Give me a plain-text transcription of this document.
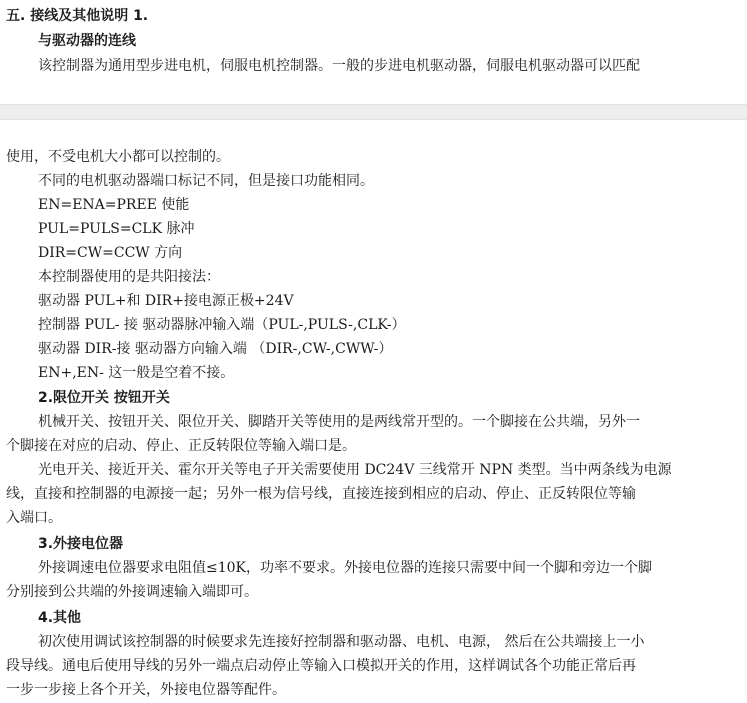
五. 接线及其他说明 1.
与驱动器的连线
该控制器为通用型步进电机，伺服电机控制器。一般的步进电机驱动器，伺服电机驱动器可以匹配
使用，不受电机大小都可以控制的。
不同的电机驱动器端口标记不同，但是接口功能相同。
EN=ENA=PREE 使能
PUL=PULS=CLK 脉冲
DIR=CW=CCW 方向
本控制器使用的是共阳接法：
驱动器 PUL+和 DIR+接电源正极+24V
控制器 PUL- 接 驱动器脉冲输入端（PUL-,PULS-,CLK-）
驱动器 DIR-接 驱动器方向输入端 （DIR-,CW-,CWW-）
EN+,EN- 这一般是空着不接。
2.限位开关 按钮开关
机械开关、按钮开关、限位开关、脚踏开关等使用的是两线常开型的。一个脚接在公共端，另外一
个脚接在对应的启动、停止、正反转限位等输入端口是。
光电开关、接近开关、霍尔开关等电子开关需要使用 DC24V 三线常开 NPN 类型。当中两条线为电源
线，直接和控制器的电源接一起；另外一根为信号线，直接连接到相应的启动、停止、正反转限位等输
入端口。
3.外接电位器
外接调速电位器要求电阻值≤10K，功率不要求。外接电位器的连接只需要中间一个脚和旁边一个脚
分别接到公共端的外接调速输入端即可。
4.其他
初次使用调试该控制器的时候要求先连接好控制器和驱动器、电机、电源， 然后在公共端接上一小
段导线。通电后使用导线的另外一端点启动停止等输入口模拟开关的作用，这样调试各个功能正常后再
一步一步接上各个开关，外接电位器等配件。
